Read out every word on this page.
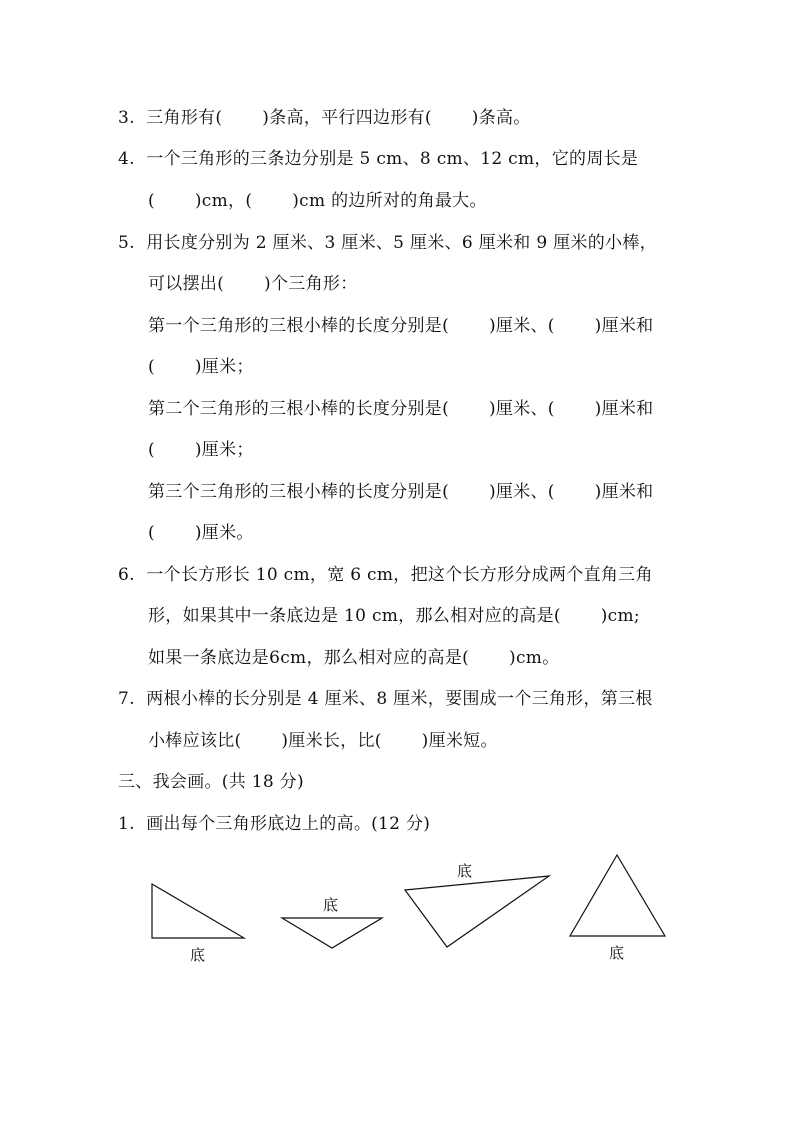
3.  三角形有(       )条高，平行四边形有(       )条高。
4.  一个三角形的三条边分别是 5 cm、8 cm、12 cm，它的周长是
(       )cm，(       )cm 的边所对的角最大。
5.  用长度分别为 2 厘米、3 厘米、5 厘米、6 厘米和 9 厘米的小棒，
可以摆出(       )个三角形：
第一个三角形的三根小棒的长度分别是(       )厘米、(       )厘米和
(       )厘米；
第二个三角形的三根小棒的长度分别是(       )厘米、(       )厘米和
(       )厘米；
第三个三角形的三根小棒的长度分别是(       )厘米、(       )厘米和
(       )厘米。
6.  一个长方形长 10 cm，宽 6 cm，把这个长方形分成两个直角三角
形，如果其中一条底边是 10 cm，那么相对应的高是(       )cm;
如果一条底边是6cm，那么相对应的高是(       )cm。
7.  两根小棒的长分别是 4 厘米、8 厘米，要围成一个三角形，第三根
小棒应该比(       )厘米长，比(       )厘米短。
三、我会画。(共 18 分)
1.  画出每个三角形底边上的高。(12 分)
底
底
底
底
